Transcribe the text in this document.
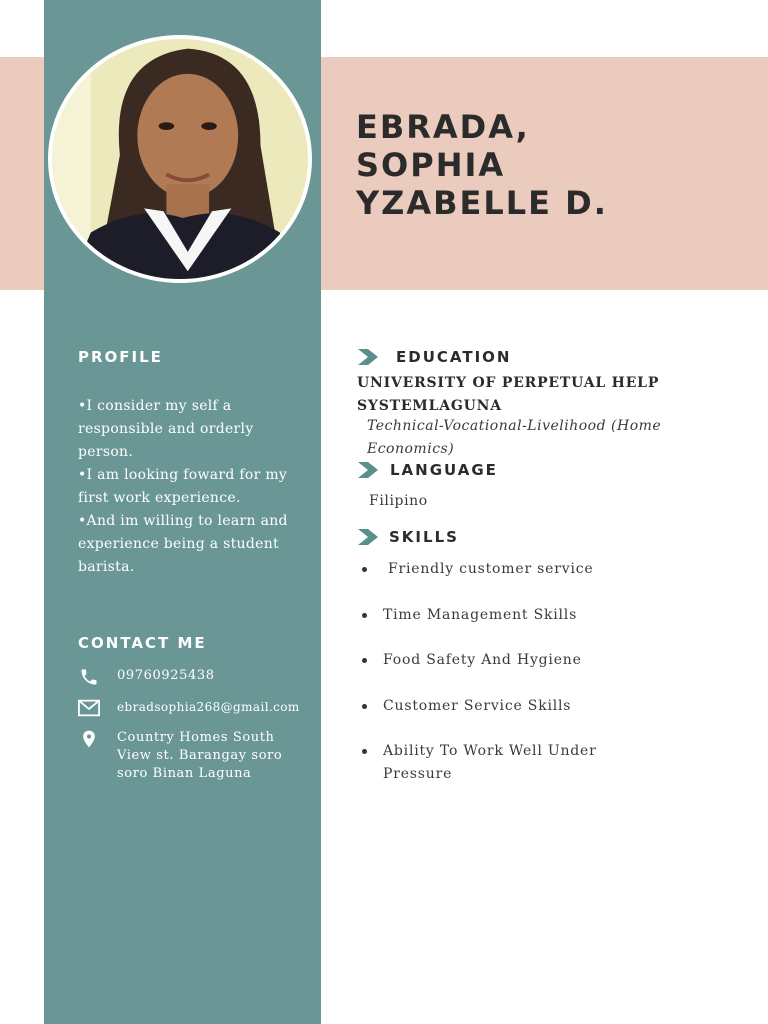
EBRADA,
SOPHIA
YZABELLE D.
PROFILE
•I consider my self a responsible and orderly person.
•I am looking foward for my first work experience.
•And im willing to learn and experience being a student barista.
CONTACT ME
09760925438
ebradsophia268@gmail.com
Country Homes South View st. Barangay soro soro Binan Laguna
EDUCATION
UNIVERSITY OF PERPETUAL HELP SYSTEMLAGUNA
Technical-Vocational-Livelihood (Home Economics)
LANGUAGE
Filipino
SKILLS
Friendly customer service
Time Management Skills
Food Safety And Hygiene
Customer Service Skills
Ability To Work Well Under Pressure
